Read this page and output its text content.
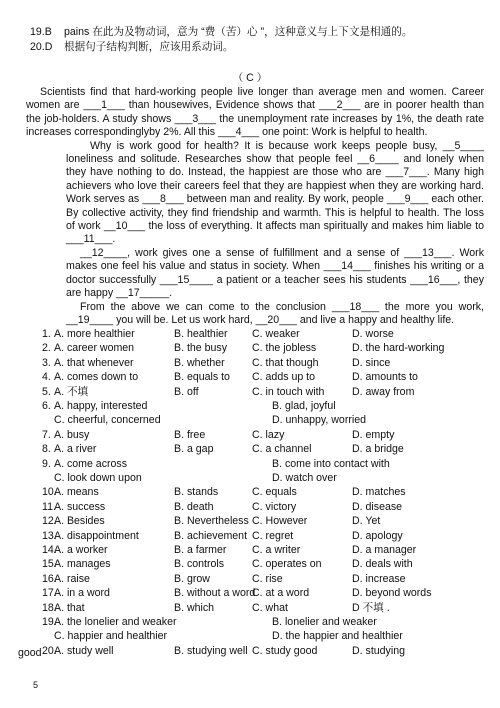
19.B pains 在此为及物动词，意为 “费（苦）心 ”，这种意义与上下文是相通的。
20.D 根据句子结构判断，应该用系动词。
（ C ）

Scientists find that hard-working people live longer than average men and women. Career women are ___1___ than housewives, Evidence shows that ___2___ are in poorer health than the job-holders. A study shows ___3___ the unemployment rate increases by 1%, the death rate increases correspondinglyby 2%. All this ___4___ one point: Work is helpful to health.

Why is work good for health? It is because work keeps people busy, __5____ loneliness and solitude. Researches show that people feel __6____ and lonely when they have nothing to do. Instead, the happiest are those who are ___7___. Many high achievers who love their careers feel that they are happiest when they are working hard. Work serves as ___8___ between man and reality. By work, people ___9___ each other. By collective activity, they find friendship and warmth. This is helpful to health. The loss of work __10___ the loss of everything. It affects man spiritually and makes him liable to ___11___.

__12____, work gives one a sense of fulfillment and a sense of ___13___. Work makes one feel his value and status in society. When ___14___ finishes his writing or a doctor successfully ___15____ a patient or a teacher sees his students ___16___, they are happy __17_____.

From the above we can come to the conclusion ___18___ the more you work, __19____ you will be. Let us work hard, __20___ and live a happy and healthy life.

1. A. more healthier	B. healthier C. weaker	D. worse
2. A. career women	B. the busy C. the jobless	D. the hard-working
3. A. that whenever	B. whether	C. that though	D. since
4. A. comes down to	B. equals to C. adds up to	D. amounts to
5. A. 不填	B. off	C. in touch with	D. away from
6. A. happy, interested	B. glad, joyful
C. cheerful, concerned	D. unhappy, worried
7. A. busy	B. free	C. lazy	D. empty
8. A. a river	B. a gap	C. a channel	D. a bridge
9. A. come across	B. come into contact with
C. look down upon	D. watch over
10.
A. means	B. stands	C. equals	D. matches
11.
A. success	B. death	C. victory	D. disease
12.
A. Besides	B. Nevertheless C. However	D. Yet
13.
A. disappointment	B. achievement C. regret	D. apology
14.
A. a worker	B. a farmer C. a writer	D. a manager
15.
A. manages	B. controls	C. operates on	D. deals with
16.
A. raise	B. grow	C. rise	D. increase
17.
A. in a word	B. without a word
C. at a word	D. beyond words
18.
A. that	B. which	C. what	D 不填 .
19.
A. the lonelier and weaker	B. lonelier and weaker
C. happier and healthier	D. the happier and healthier
20.
A. study well	B. studying well C. study good	D. studying
good
5
